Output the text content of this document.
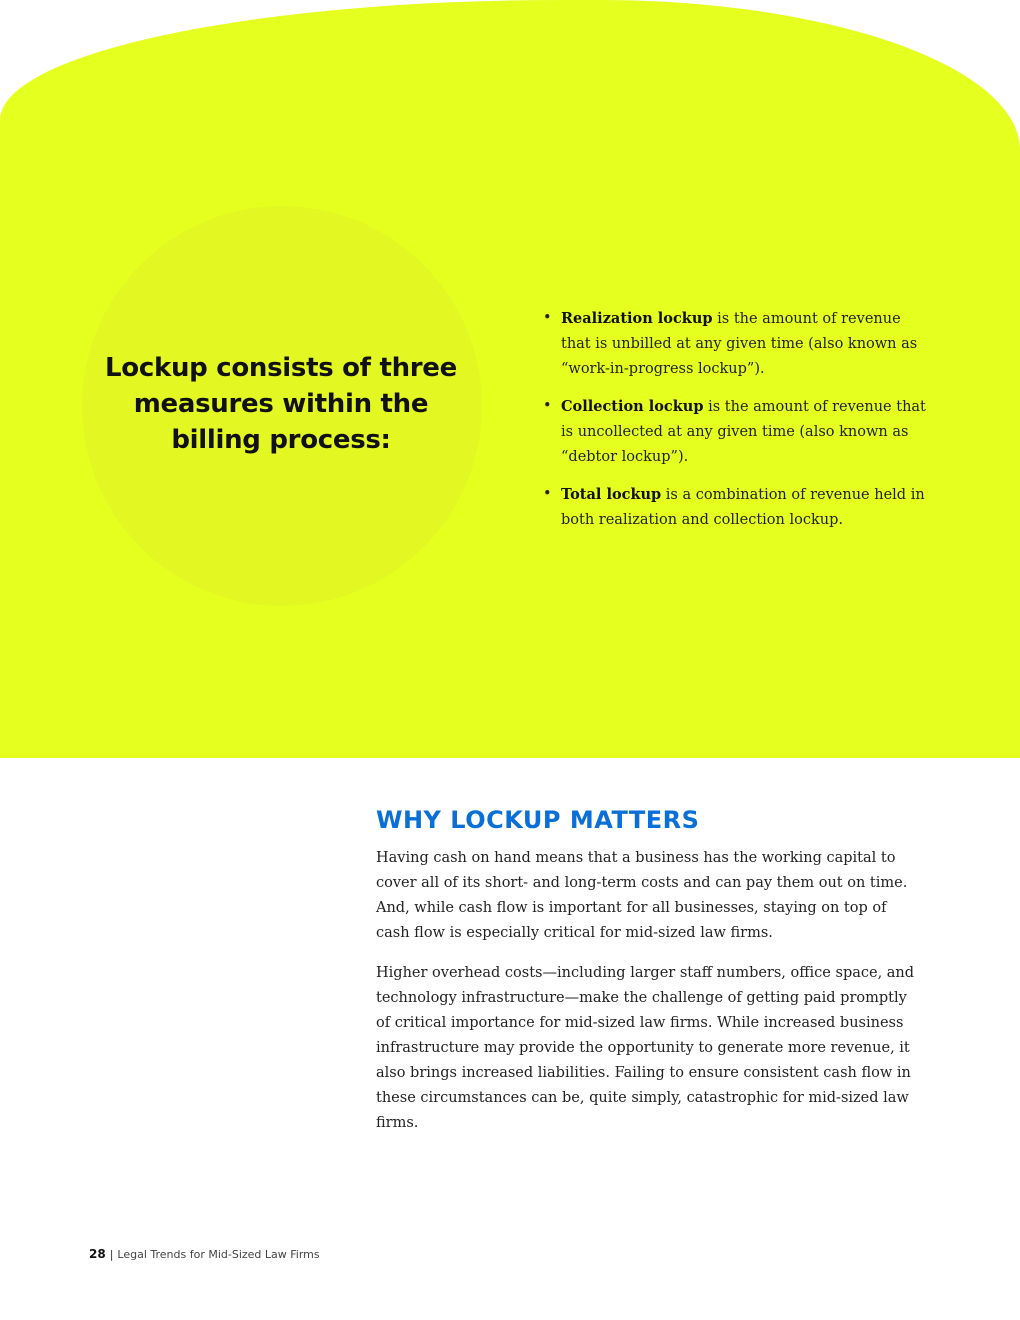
Lockup consists of three measures within the billing process:
• Realization lockup is the amount of revenue that is unbilled at any given time (also known as “work-in-progress lockup”).
• Collection lockup is the amount of revenue that is uncollected at any given time (also known as “debtor lockup”).
• Total lockup is a combination of revenue held in both realization and collection lockup.
WHY LOCKUP MATTERS

Having cash on hand means that a business has the working capital to cover all of its short- and long-term costs and can pay them out on time. And, while cash flow is important for all businesses, staying on top of cash flow is especially critical for mid-sized law firms.

Higher overhead costs—including larger staff numbers, office space, and technology infrastructure—make the challenge of getting paid promptly of critical importance for mid-sized law firms. While increased business infrastructure may provide the opportunity to generate more revenue, it also brings increased liabilities. Failing to ensure consistent cash flow in these circumstances can be, quite simply, catastrophic for mid-sized law firms.

28 | Legal Trends for Mid-Sized Law Firms
